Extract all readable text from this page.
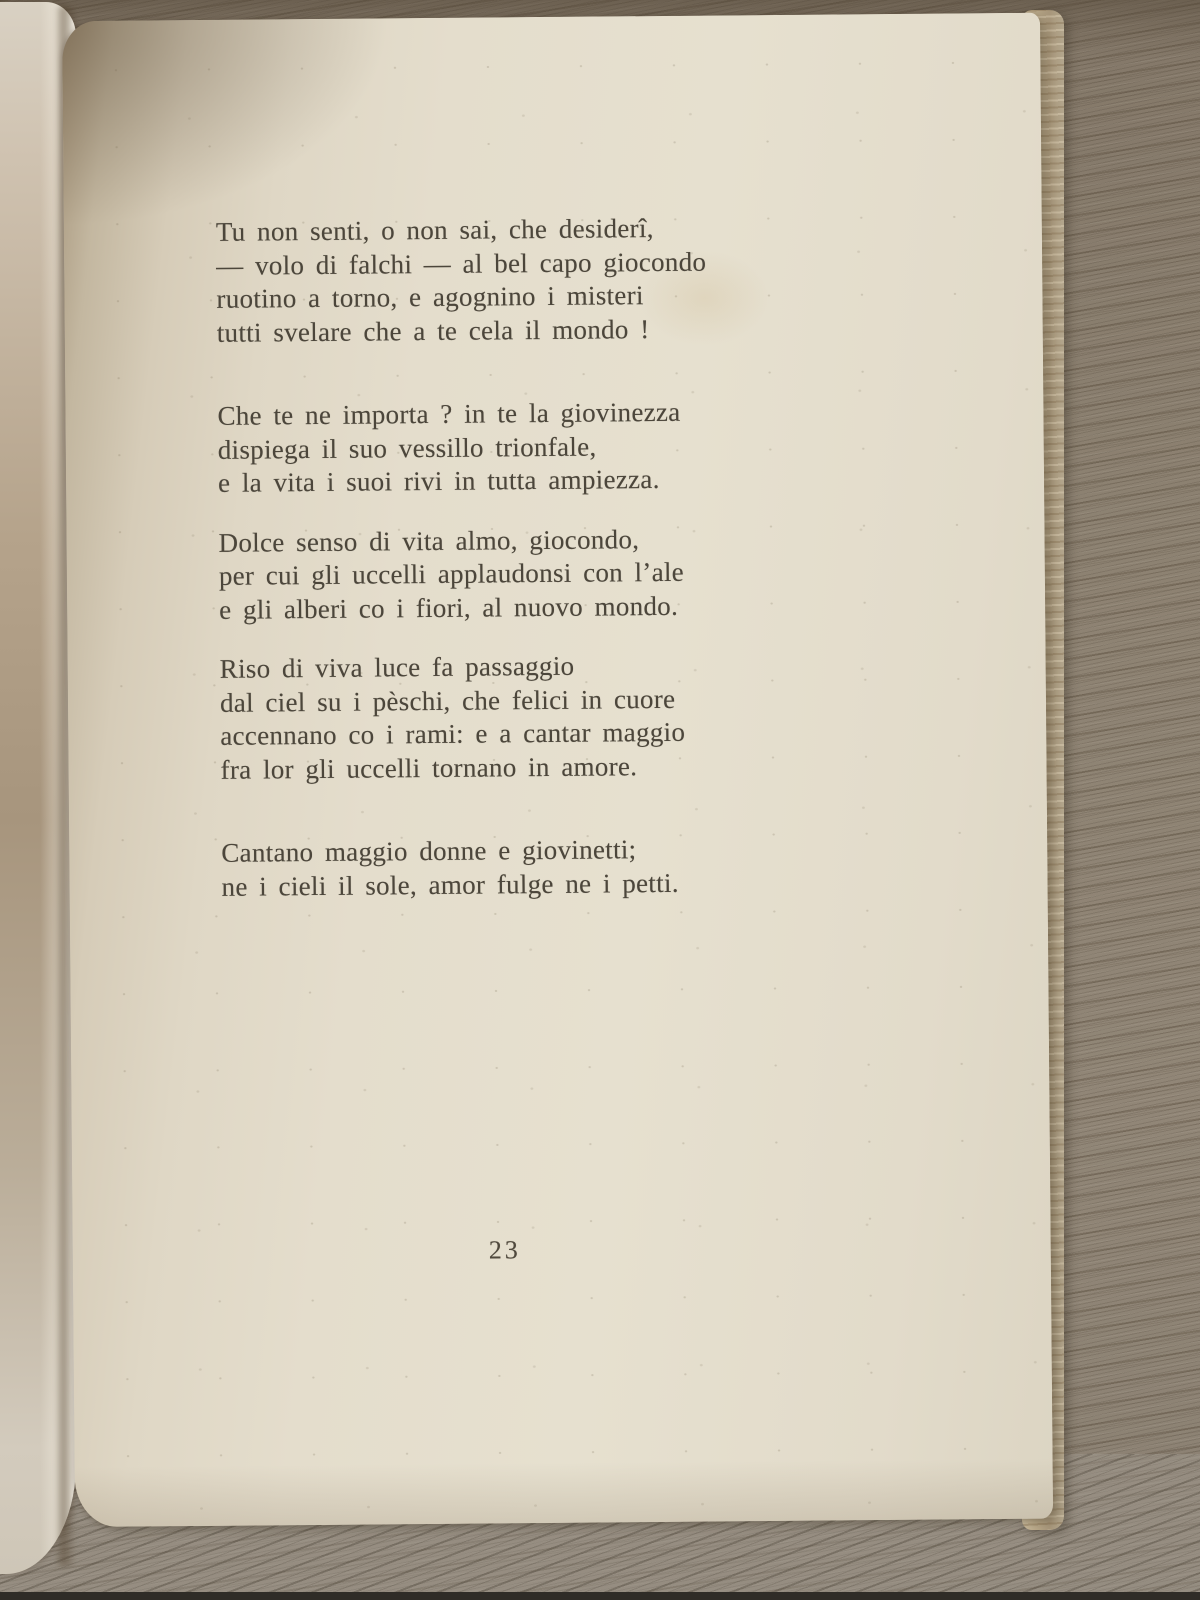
Tu non senti, o non sai, che desiderî,
— volo di falchi — al bel capo giocondo
ruotino a torno, e agognino i misteri
tutti svelare che a te cela il mondo !
Che te ne importa ? in te la giovinezza
dispiega il suo vessillo trionfale,
e la vita i suoi rivi in tutta ampiezza.
Dolce senso di vita almo, giocondo,
per cui gli uccelli applaudonsi con l’ale
e gli alberi co i fiori, al nuovo mondo.
Riso di viva luce fa passaggio
dal ciel su i pèschi, che felici in cuore
accennano co i rami: e a cantar maggio
fra lor gli uccelli tornano in amore.
Cantano maggio donne e giovinetti;
ne i cieli il sole, amor fulge ne i petti.
23
